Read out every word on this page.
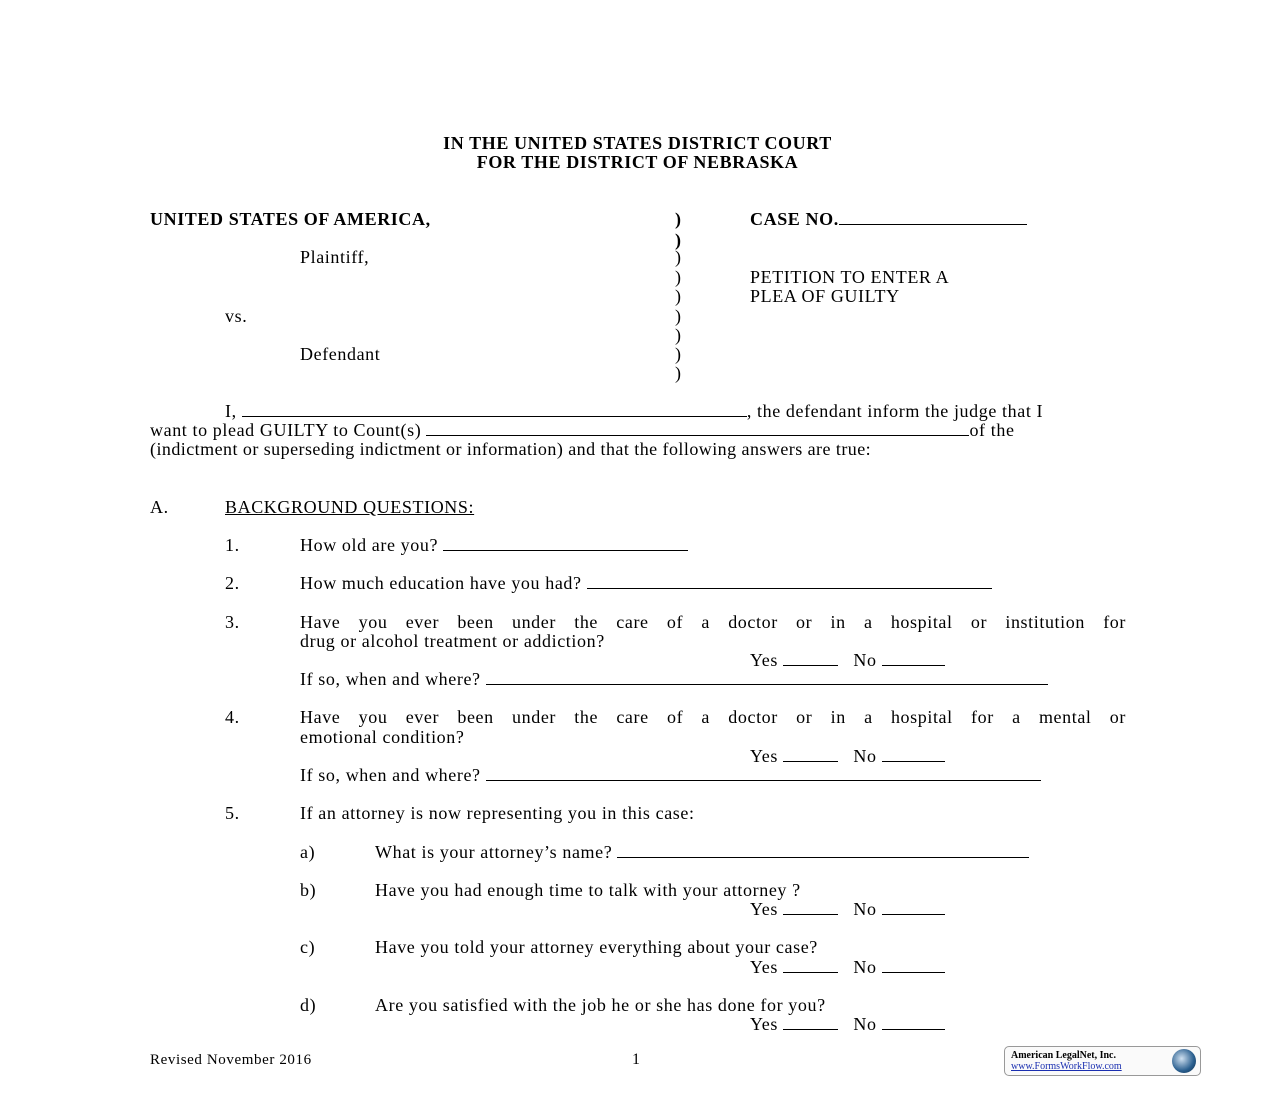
IN THE UNITED STATES DISTRICT COURT
FOR THE DISTRICT OF NEBRASKA
UNITED STATES OF AMERICA,
Plaintiff,
vs.
Defendant
)
)
)
)
)
)
)
)
)
CASE NO.
PETITION TO ENTER A
PLEA OF GUILTY
I,	, the defendant inform the judge that I
want to plead GUILTY to Count(s)	of the
(indictment or superseding indictment or information) and that the following answers are true:
A.	BACKGROUND QUESTIONS:
1.	How old are you?
2.	How much education have you had?
3.	Have you ever been under the care of a doctor or in a hospital or institution for
drug or alcohol treatment or addiction?
Yes	No
If so, when and where?
4.	Have you ever been under the care of a doctor or in a hospital for a mental or
emotional condition?
Yes	No
If so, when and where?
5.	If an attorney is now representing you in this case:
a)	What is your attorney’s name?
b)	Have you had enough time to talk with your attorney ?
Yes	No
c)	Have you told your attorney everything about your case?
Yes	No
d)	Are you satisfied with the job he or she has done for you?
Yes	No
Revised November 2016	1	American LegalNet, Inc.
www.FormsWorkFlow.com
